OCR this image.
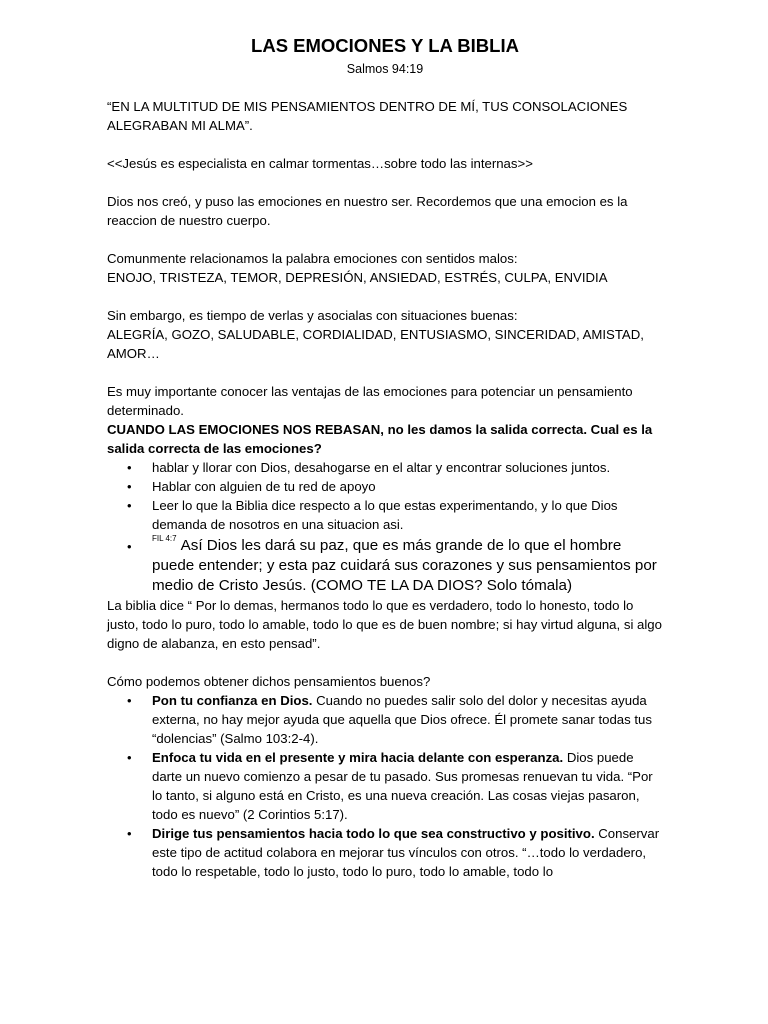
LAS EMOCIONES Y LA BIBLIA

Salmos 94:19

“EN LA MULTITUD DE MIS PENSAMIENTOS DENTRO DE MÍ, TUS CONSOLACIONES ALEGRABAN MI ALMA”.

<<Jesús es especialista en calmar tormentas…sobre todo las internas>>

Dios nos creó, y puso las emociones en nuestro ser. Recordemos que una emocion es la reaccion de nuestro cuerpo.

Comunmente relacionamos la palabra emociones con sentidos malos:

ENOJO, TRISTEZA, TEMOR, DEPRESIÓN, ANSIEDAD, ESTRÉS, CULPA, ENVIDIA

Sin embargo, es tiempo de verlas y asocialas con situaciones buenas:

ALEGRÍA, GOZO, SALUDABLE, CORDIALIDAD, ENTUSIASMO, SINCERIDAD, AMISTAD, AMOR…

Es muy importante conocer las ventajas de las emociones para potenciar un pensamiento determinado.

CUANDO LAS EMOCIONES NOS REBASAN, no les damos la salida correcta. Cual es la salida correcta de las emociones?

• hablar y llorar con Dios, desahogarse en el altar y encontrar soluciones juntos.
• Hablar con alguien de tu red de apoyo
• Leer lo que la Biblia dice respecto a lo que estas experimentando, y lo que Dios demanda de nosotros en una situacion asi.
•
$^{FIL 4:7}$ Así Dios les dará su paz, que es más grande de lo que el hombre puede entender; y esta paz cuidará sus corazones y sus pensamientos por medio de Cristo Jesús. (COMO TE LA DA DIOS? Solo tómala)

La biblia dice “ Por lo demas, hermanos todo lo que es verdadero, todo lo honesto, todo lo justo, todo lo puro, todo lo amable, todo lo que es de buen nombre; si hay virtud alguna, si algo digno de alabanza, en esto pensad”.

Cómo podemos obtener dichos pensamientos buenos?

• Pon tu confianza en Dios. Cuando no puedes salir solo del dolor y necesitas ayuda externa, no hay mejor ayuda que aquella que Dios ofrece. Él promete sanar todas tus “dolencias” (Salmo 103:2-4).
• Enfoca tu vida en el presente y mira hacia delante con esperanza. Dios puede darte un nuevo comienzo a pesar de tu pasado. Sus promesas renuevan tu vida. “Por lo tanto, si alguno está en Cristo, es una nueva creación. Las cosas viejas pasaron, todo es nuevo” (2 Corintios 5:17).
• Dirige tus pensamientos hacia todo lo que sea constructivo y positivo. Conservar este tipo de actitud colabora en mejorar tus vínculos con otros. “…todo lo verdadero, todo lo respetable, todo lo justo, todo lo puro, todo lo amable, todo lo
